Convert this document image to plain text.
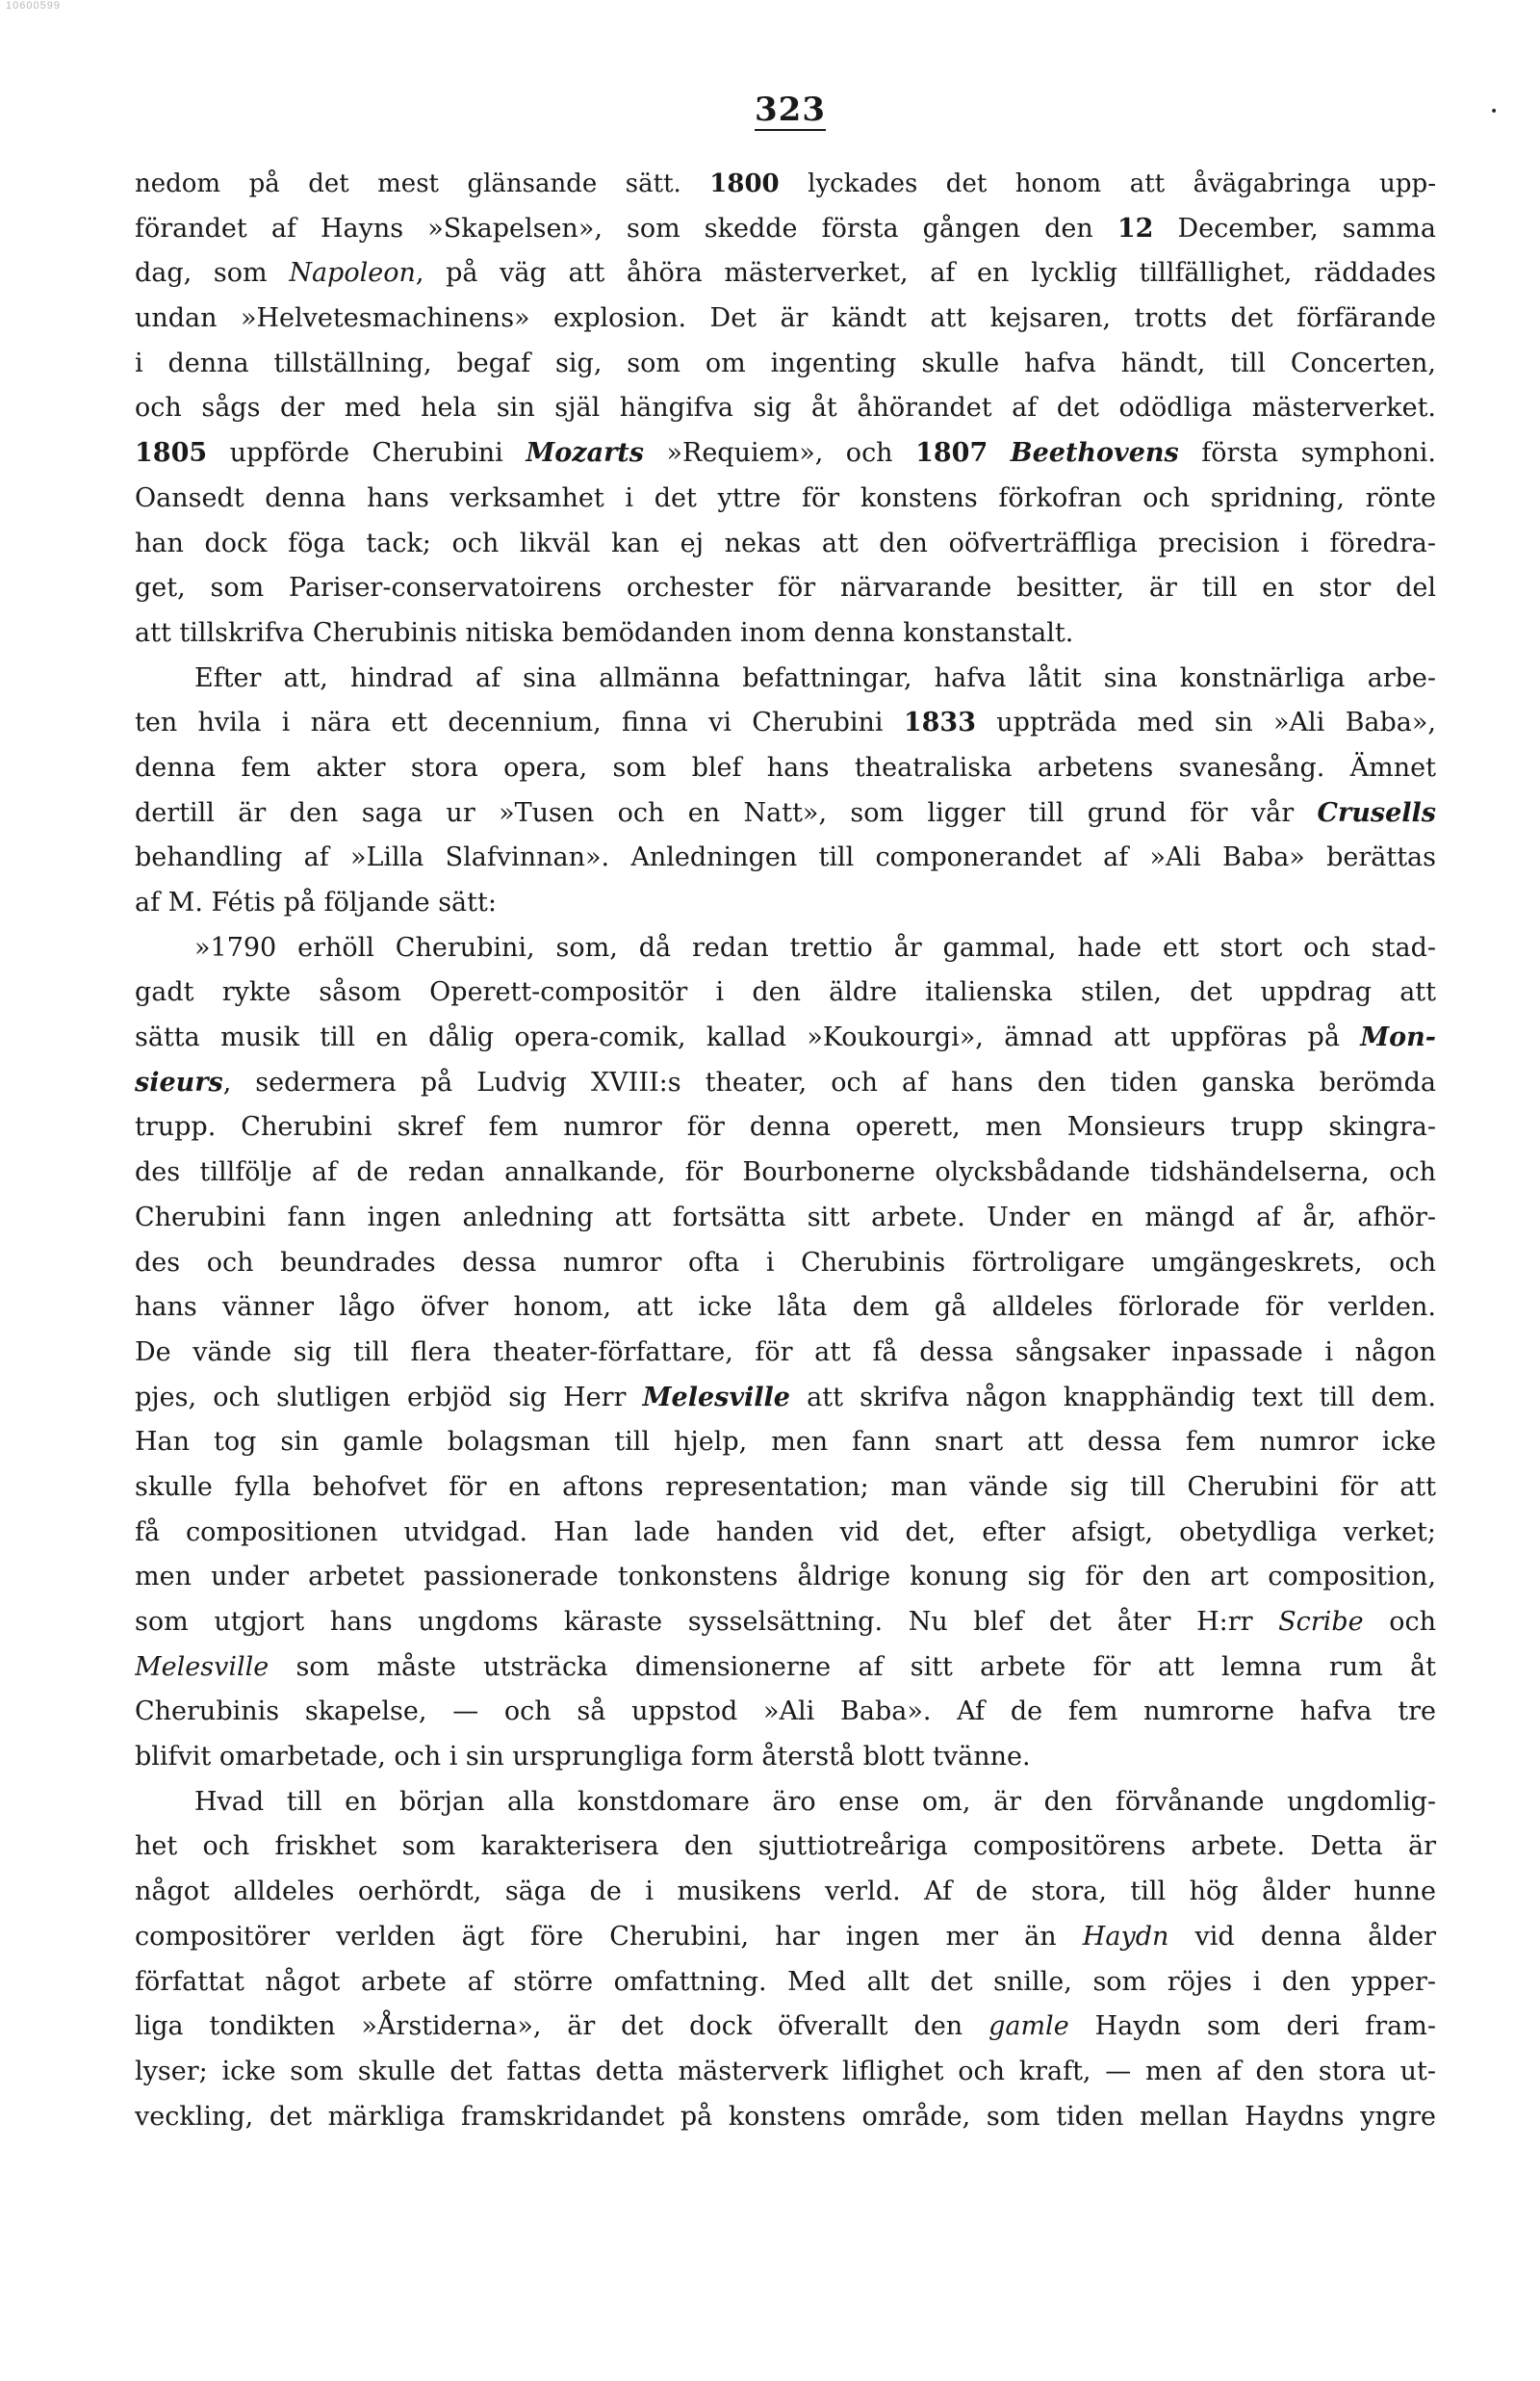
10600599
323	•
nedom på det mest glänsande sätt. 1800 lyckades det honom att åvägabringa upp-
förandet af Hayns »Skapelsen», som skedde första gången den 12 December, samma
dag, som Napoleon, på väg att åhöra mästerverket, af en lycklig tillfällighet, räddades
undan »Helvetesmachinens» explosion. Det är kändt att kejsaren, trotts det förfärande
i denna tillställning, begaf sig, som om ingenting skulle hafva händt, till Concerten,
och sågs der med hela sin själ hängifva sig åt åhörandet af det odödliga mästerverket.
1805 uppförde Cherubini Mozarts »Requiem», och 1807 Beethovens första symphoni.
Oansedt denna hans verksamhet i det yttre för konstens förkofran och spridning, rönte
han dock föga tack; och likväl kan ej nekas att den oöfverträffliga precision i föredra-
get, som Pariser-conservatoirens orchester för närvarande besitter, är till en stor del
att tillskrifva Cherubinis nitiska bemödanden inom denna konstanstalt.
Efter att, hindrad af sina allmänna befattningar, hafva låtit sina konstnärliga arbe-
ten hvila i nära ett decennium, finna vi Cherubini 1833 uppträda med sin »Ali Baba»,
denna fem akter stora opera, som blef hans theatraliska arbetens svanesång. Ämnet
dertill är den saga ur »Tusen och en Natt», som ligger till grund för vår Crusells
behandling af »Lilla Slafvinnan». Anledningen till componerandet af »Ali Baba» berättas
af M. Fétis på följande sätt:
»1790 erhöll Cherubini, som, då redan trettio år gammal, hade ett stort och stad-
gadt rykte såsom Operett-compositör i den äldre italienska stilen, det uppdrag att
sätta musik till en dålig opera-comik, kallad »Koukourgi», ämnad att uppföras på Mon-
sieurs, sedermera på Ludvig XVIII:s theater, och af hans den tiden ganska berömda
trupp. Cherubini skref fem numror för denna operett, men Monsieurs trupp skingra-
des tillfölje af de redan annalkande, för Bourbonerne olycksbådande tidshändelserna, och
Cherubini fann ingen anledning att fortsätta sitt arbete. Under en mängd af år, afhör-
des och beundrades dessa numror ofta i Cherubinis förtroligare umgängeskrets, och
hans vänner lågo öfver honom, att icke låta dem gå alldeles förlorade för verlden.
De vände sig till flera theater-författare, för att få dessa sångsaker inpassade i någon
pjes, och slutligen erbjöd sig Herr Melesville att skrifva någon knapphändig text till dem.
Han tog sin gamle bolagsman till hjelp, men fann snart att dessa fem numror icke
skulle fylla behofvet för en aftons representation; man vände sig till Cherubini för att
få compositionen utvidgad. Han lade handen vid det, efter afsigt, obetydliga verket;
men under arbetet passionerade tonkonstens åldrige konung sig för den art composition,
som utgjort hans ungdoms käraste sysselsättning. Nu blef det åter H:rr Scribe och
Melesville som måste utsträcka dimensionerne af sitt arbete för att lemna rum åt
Cherubinis skapelse, — och så uppstod »Ali Baba». Af de fem numrorne hafva tre
blifvit omarbetade, och i sin ursprungliga form återstå blott tvänne.
Hvad till en början alla konstdomare äro ense om, är den förvånande ungdomlig-
het och friskhet som karakterisera den sjuttiotreåriga compositörens arbete. Detta är
något alldeles oerhördt, säga de i musikens verld. Af de stora, till hög ålder hunne
compositörer verlden ägt före Cherubini, har ingen mer än Haydn vid denna ålder
författat något arbete af större omfattning. Med allt det snille, som röjes i den ypper-
liga tondikten »Årstiderna», är det dock öfverallt den gamle Haydn som deri fram-
lyser; icke som skulle det fattas detta mästerverk liflighet och kraft, — men af den stora ut-
veckling, det märkliga framskridandet på konstens område, som tiden mellan Haydns yngre
